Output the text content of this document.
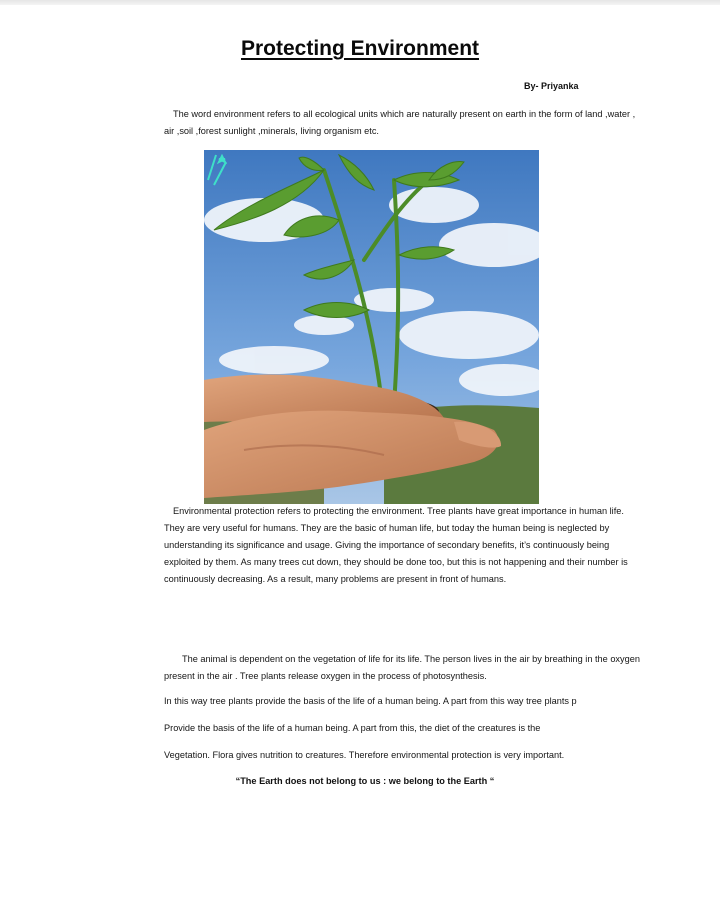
Protecting Environment
By- Priyanka
The word environment refers to all ecological units which are naturally present on earth in the form of land ,water , air ,soil ,forest sunlight ,minerals, living organism etc.
Environmental protection refers to protecting the environment. Tree plants have great importance in human life. They are very useful for humans. They are the basic of human life, but today the human being is neglected by understanding its significance and usage. Giving the importance of secondary benefits, it’s continuously being exploited by them. As many trees cut down, they should be done too, but this is not happening and their number is continuously decreasing. As a result, many problems are present in front of humans.
The animal is dependent on the vegetation of life for its life. The person lives in the air by breathing in the oxygen present in the air . Tree plants release oxygen in the process of photosynthesis.
In this way tree plants provide the basis of the life of a human being. A part from this way tree plants p
Provide the basis of the life of a human being. A part from this, the diet of the creatures is the
Vegetation. Flora gives nutrition to creatures. Therefore environmental protection is very important.
“The Earth does not belong to us : we belong to the Earth “
